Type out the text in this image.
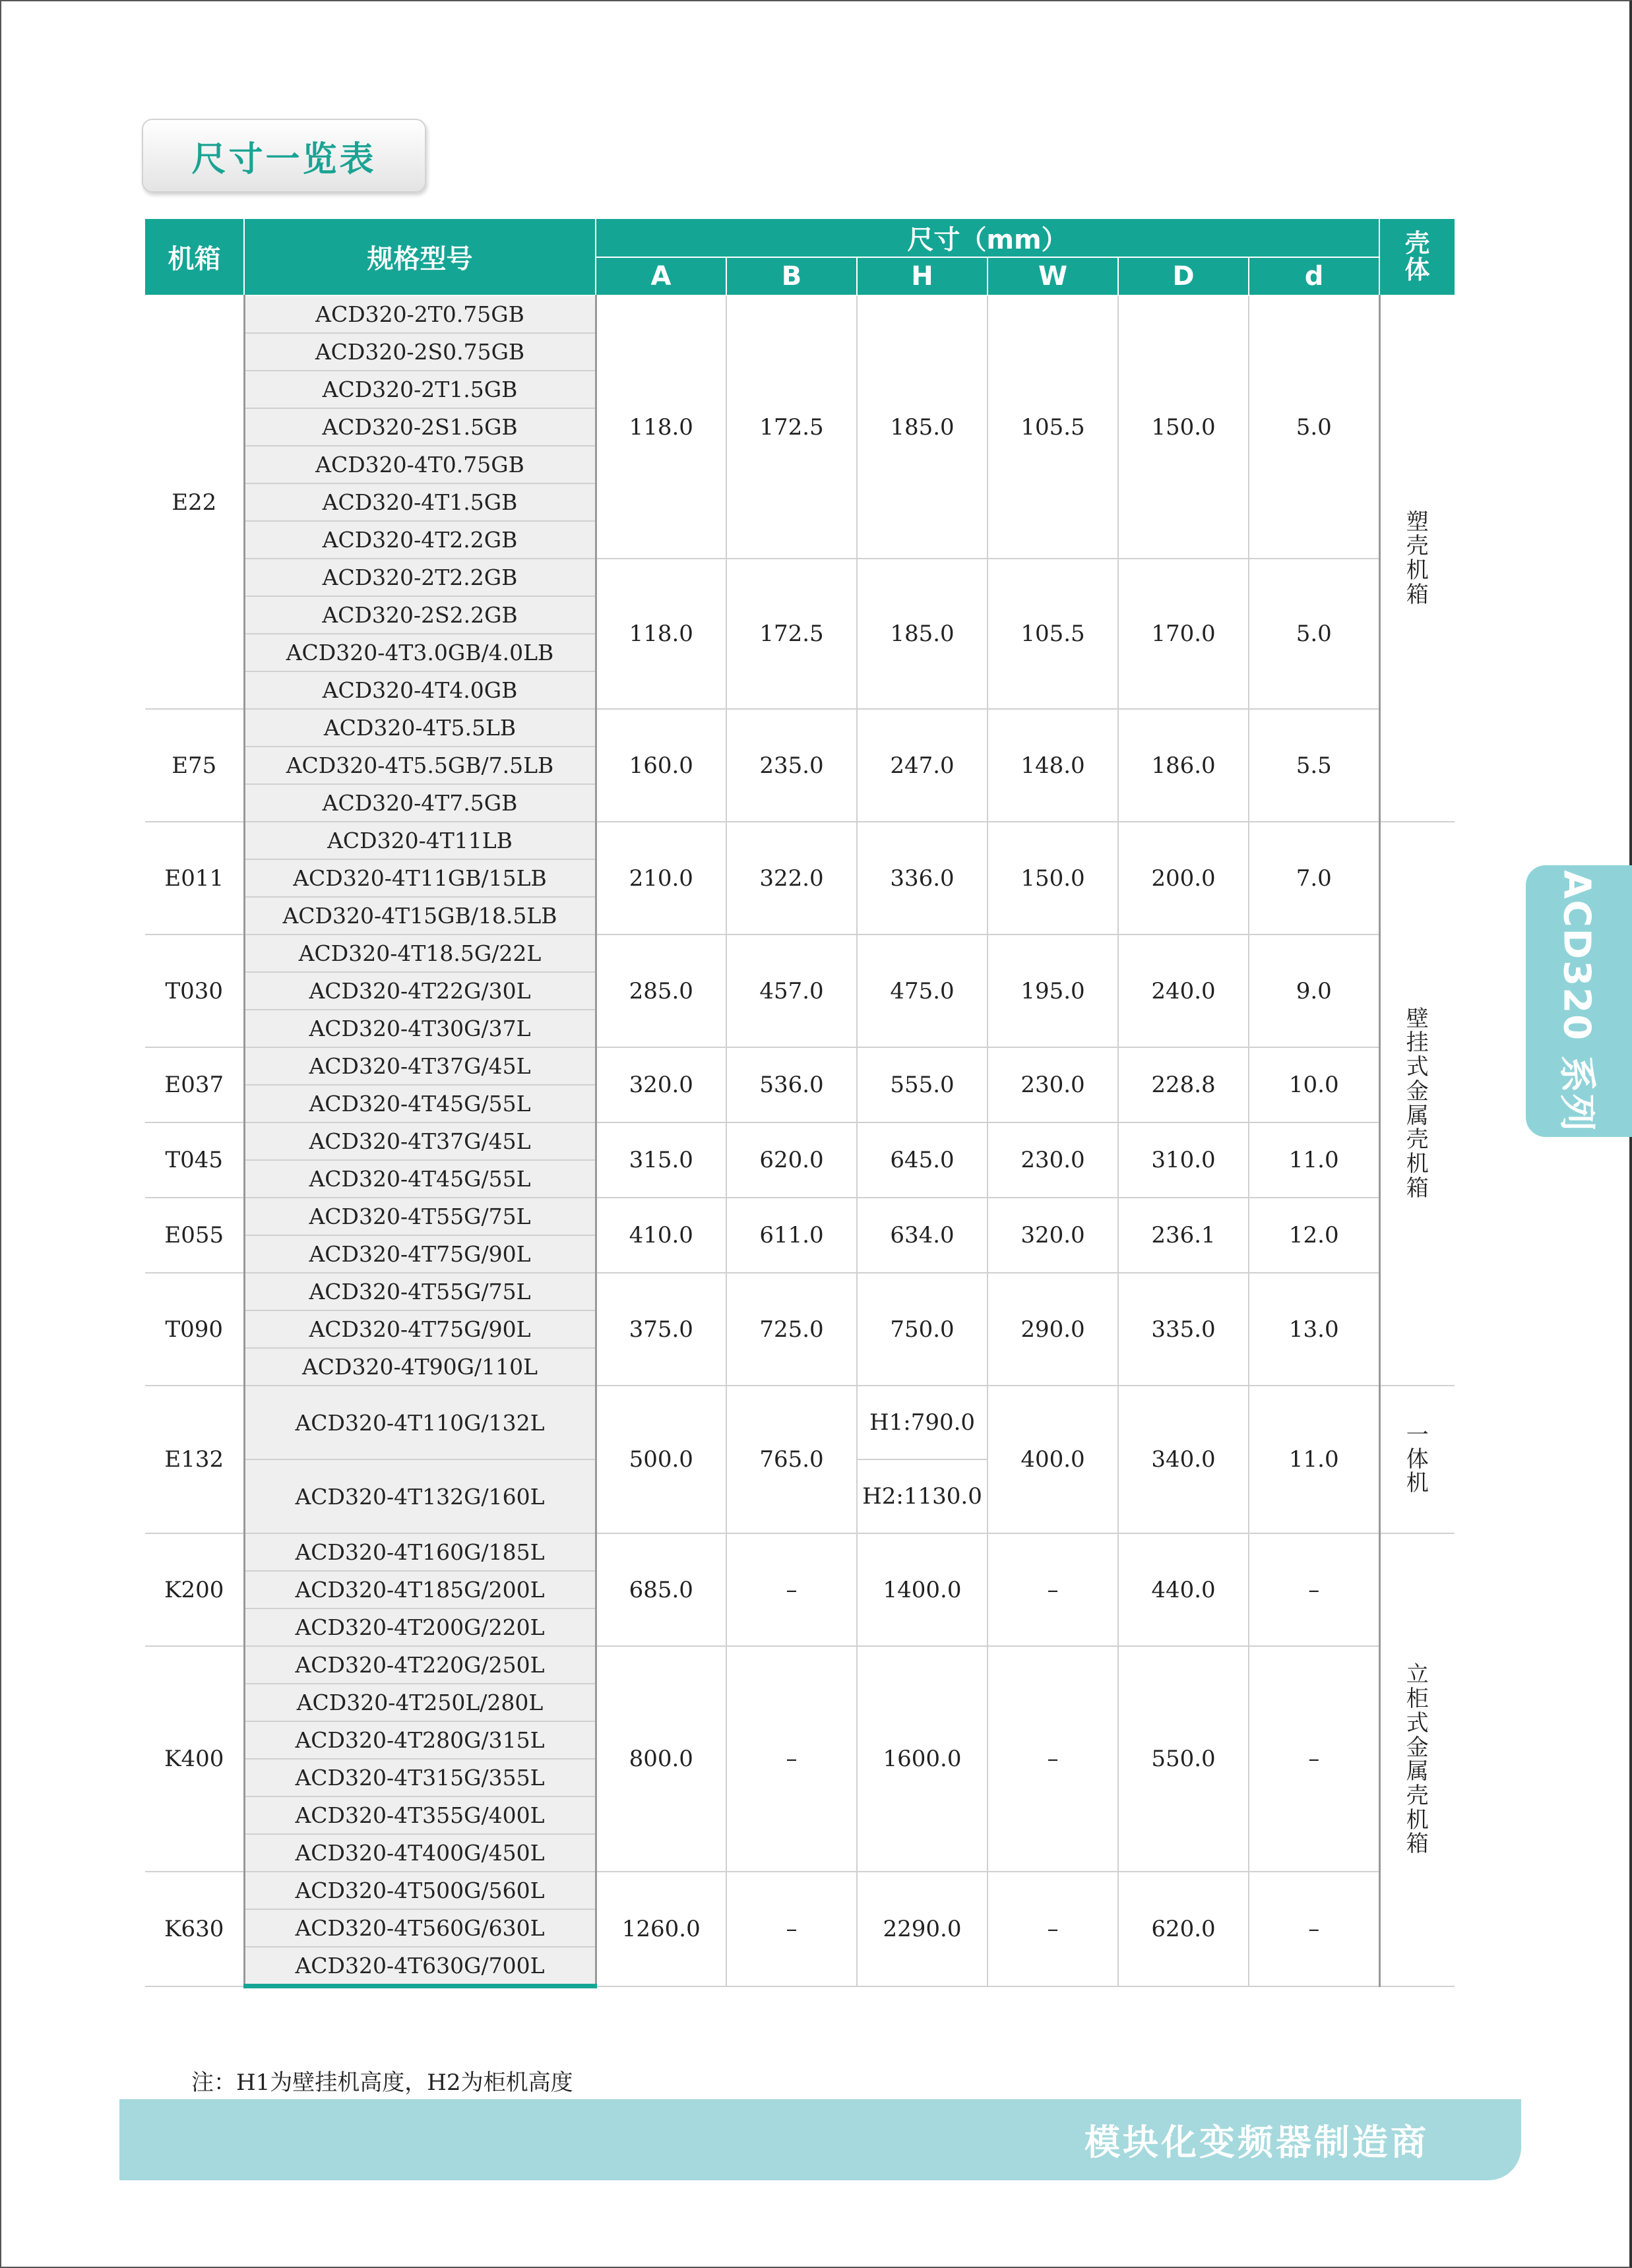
尺寸一览表
机箱	规格型号	尺寸（mm）						壳体
		A	B	H	W	D	d	
E22	ACD320-2T0.75GB	118.0	172.5	185.0	105.5	150.0	5.0	塑壳机箱
	ACD320-2S0.75GB							
	ACD320-2T1.5GB							
	ACD320-2S1.5GB							
	ACD320-4T0.75GB							
	ACD320-4T1.5GB							
	ACD320-4T2.2GB							
	ACD320-2T2.2GB	118.0	172.5	185.0	105.5	170.0	5.0	
	ACD320-2S2.2GB							
	ACD320-4T3.0GB/4.0LB							
	ACD320-4T4.0GB							
E75	ACD320-4T5.5LB	160.0	235.0	247.0	148.0	186.0	5.5	
	ACD320-4T5.5GB/7.5LB							
	ACD320-4T7.5GB							
E011	ACD320-4T11LB	210.0	322.0	336.0	150.0	200.0	7.0	壁挂式金属壳机箱
	ACD320-4T11GB/15LB							
	ACD320-4T15GB/18.5LB							
T030	ACD320-4T18.5G/22L	285.0	457.0	475.0	195.0	240.0	9.0	
	ACD320-4T22G/30L							
	ACD320-4T30G/37L							
E037	ACD320-4T37G/45L	320.0	536.0	555.0	230.0	228.8	10.0	
	ACD320-4T45G/55L							
T045	ACD320-4T37G/45L	315.0	620.0	645.0	230.0	310.0	11.0	
	ACD320-4T45G/55L							
E055	ACD320-4T55G/75L	410.0	611.0	634.0	320.0	236.1	12.0	
	ACD320-4T75G/90L							
T090	ACD320-4T55G/75L	375.0	725.0	750.0	290.0	335.0	13.0	
	ACD320-4T75G/90L							
	ACD320-4T90G/110L							
E132	ACD320-4T110G/132L	500.0	765.0	H1:790.0	400.0	340.0	11.0	一体机
	ACD320-4T132G/160L			H2:1130.0				
K200	ACD320-4T160G/185L	685.0	–	1400.0	–	440.0	–	立柜式金属壳机箱
	ACD320-4T185G/200L							
	ACD320-4T200G/220L							
K400	ACD320-4T220G/250L	800.0	–	1600.0	–	550.0	–	
	ACD320-4T250L/280L							
	ACD320-4T280G/315L							
	ACD320-4T315G/355L							
	ACD320-4T355G/400L							
	ACD320-4T400G/450L							
K630	ACD320-4T500G/560L	1260.0	–	2290.0	–	620.0	–	
	ACD320-4T560G/630L							
	ACD320-4T630G/700L							
注：H1为壁挂机高度，H2为柜机高度
ACD320 系列
模块化变频器制造商
